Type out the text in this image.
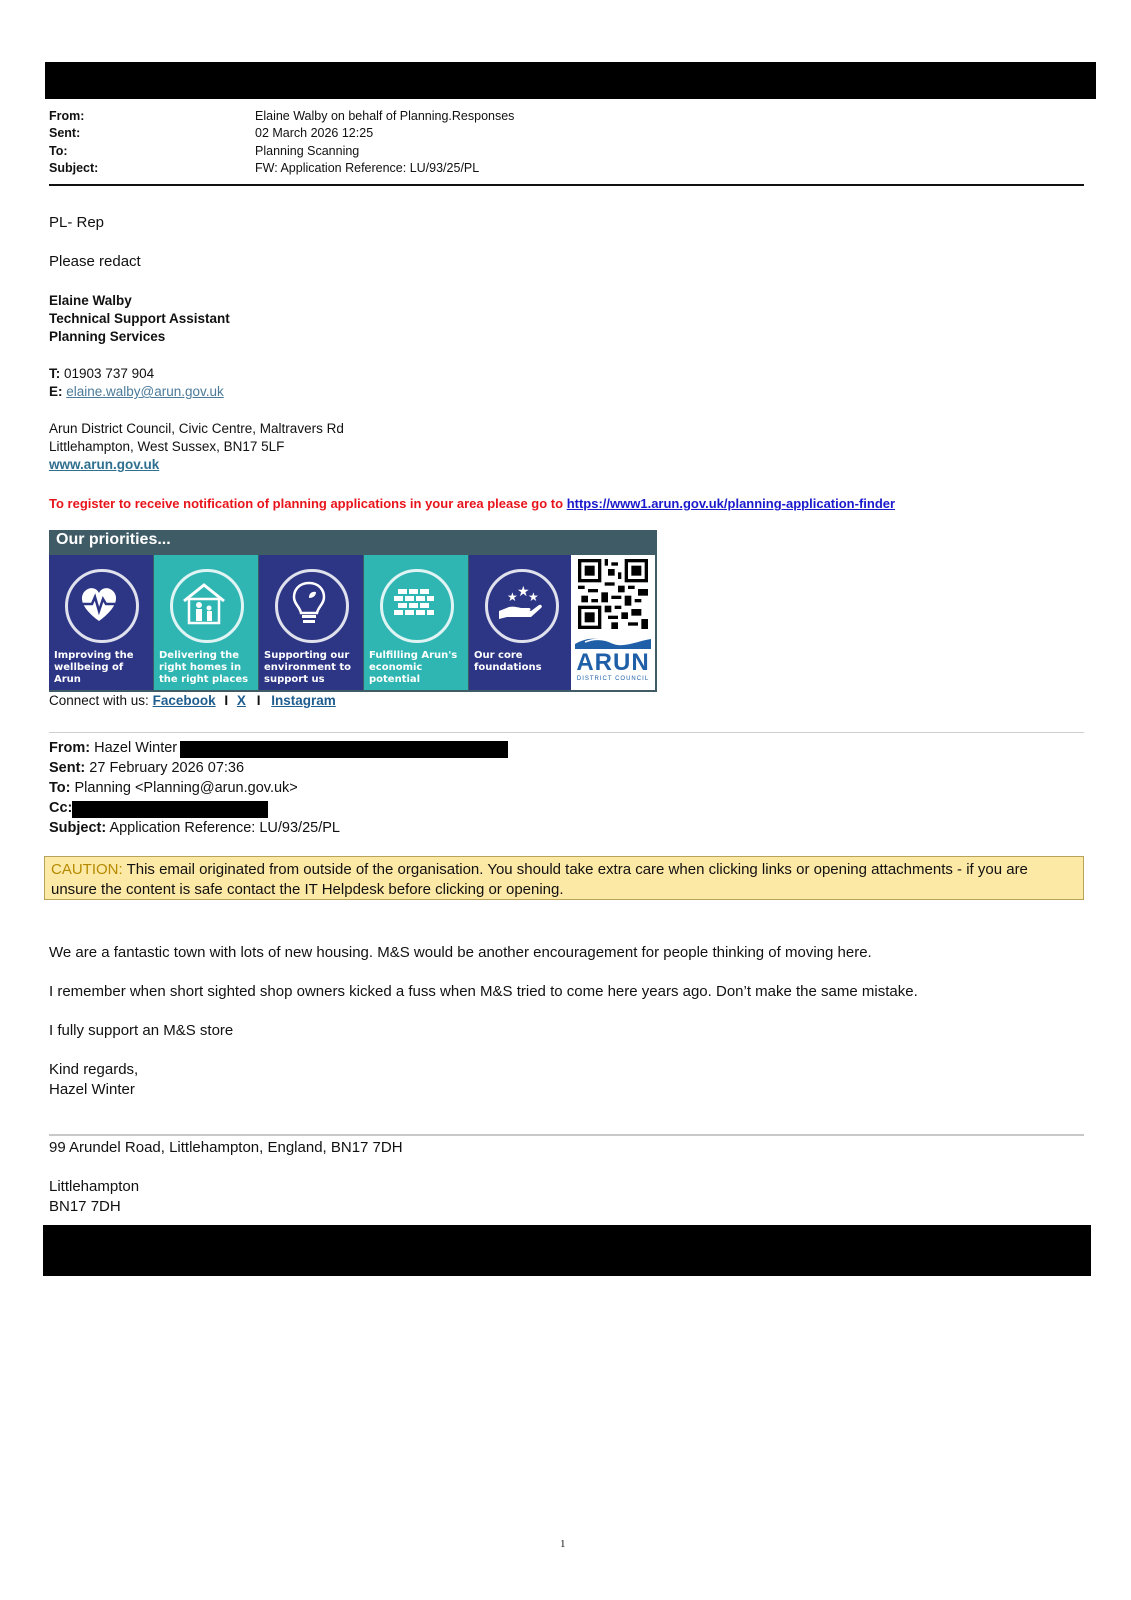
From:	Elaine Walby on behalf of Planning.Responses
Sent:	02 March 2026 12:25
To:	Planning Scanning
Subject:	FW: Application Reference: LU/93/25/PL
PL- Rep
Please redact
Elaine Walby
Technical Support Assistant
Planning Services
T: 01903 737 904
E: elaine.walby@arun.gov.uk
Arun District Council, Civic Centre, Maltravers Rd
Littlehampton, West Sussex, BN17 5LF
www.arun.gov.uk
To register to receive notification of planning applications in your area please go to https://www1.arun.gov.uk/planning-application-finder
Our priorities...
Improving the wellbeing of Arun
Delivering the right homes in the right places
Supporting our environment to support us
Fulfilling Arun's economic potential
★ ★
★
Our core foundations	ARUN
DISTRICT COUNCIL
Connect with us: Facebook I X I Instagram
From: Hazel Winter
Sent: 27 February 2026 07:36
To: Planning <Planning@arun.gov.uk>
Cc:
Subject: Application Reference: LU/93/25/PL
CAUTION: This email originated from outside of the organisation. You should take extra care when clicking links or opening attachments - if you are unsure the content is safe contact the IT Helpdesk before clicking or opening.
We are a fantastic town with lots of new housing. M&S would be another encouragement for people thinking of moving here.
I remember when short sighted shop owners kicked a fuss when M&S tried to come here years ago. Don’t make the same mistake.
I fully support an M&S store
Kind regards,
Hazel Winter
99 Arundel Road, Littlehampton, England, BN17 7DH
Littlehampton
BN17 7DH
1
